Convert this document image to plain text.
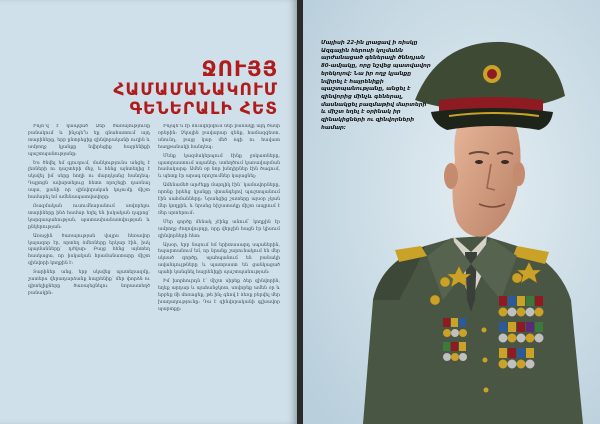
ՋՈՒՅՅ
ՀԱՄԱՄԱՆԱԿՈՒՄ ԳԵՆԵՐԱԼԻ ՀԵՏ

Ինչո՞վ է կապված Ձեր ծառայությունը բանակում և ինչպե՞ս եք գնահատում այդ տարիները, երբ ընտրեցիք զինվորականի ուղին և ամբողջ կյանքը նվիրեցիք հայրենիքի պաշտպանությանը:

Ես ծնվել եմ գյուղում, մանկությունս անցել է լեռների ու դաշտերի մեջ, և հենց այնտեղից է սկսվել իմ սերը հողի ու մարդկանց հանդեպ: Դպրոցն ավարտելուց հետո որոշեցի դառնալ սպա, քանի որ զինվորական կոչումը միշտ համարել եմ ամենապատվավորը:

Ռազմական ուսումնարանում սովորելու տարիները ինձ համար եղել են իսկական դպրոց՝ կարգապահության, պատասխանատվության և ընկերության:

Առաջին ծառայության վայրս հեռավոր կայազոր էր, որտեղ ձմեռները երկար էին, իսկ պայմանները՝ դժվար: Բայց հենց այնտեղ հասկացա, որ իսկական հրամանատարը միշտ զինվորի կողքին է:

Տարիներ անց, երբ սկսվեց պատերազմը, շատերս վերադարձանք հայրենիք՝ մեր փորձն ու գիտելիքները ծառայեցնելու նորաստեղծ բանակին:

Ինչպե՞ս էր ձևավորվում մեր բանակը այդ ծանր օրերին: Չկային բավարար զենք, համազգեստ, սնունդ, բայց կար մեծ ոգի ու հավատ հաղթանակի հանդեպ:

Մենք կազմակերպում էինք ջոկատները, պատրաստում սպաներ, ստեղծում կառավարման համակարգ: Ամեն օր նոր խնդիրներ էին ծագում, և պետք էր արագ որոշումներ կայացնել:

Ամենամեծ արժեքը մարդիկ էին՝ կամավորները, որոնք իրենց կյանքը վտանգելով պաշտպանում էին սահմանները: Նրանցից շատերը այսօր չկան մեր կողքին, և նրանց հիշատակը միշտ ապրում է մեր սրտերում:

Մեր գործը մենակ չէինք անում՝ կողքին էր ամբողջ ժողովուրդը, որը վերջին հացն էր կիսում զինվորների հետ:

Այսօր, երբ նայում եմ երիտասարդ սպաներին, հպարտանում եմ, որ նրանք շարունակում են մեր սկսած գործը, պահպանում են բանակի ավանդույթները և պատրաստ են ցանկացած պահի կանգնել հայրենիքի պաշտպանության:

Իմ խորհուրդն է՝ միշտ սիրեք ձեր զինվորին, եղեք արդար և պահանջկոտ, սովորեք ամեն օր և երբեք մի մոռացեք, թե ինչ գնով է ձեռք բերվել մեր խաղաղությունը: Դա է զինվորականի գլխավոր պարտքը:

Մայիսի 22-ին լրացավ ի ռիսկը Ազգային հերոսի կոչմանն արժանացած գեներալի ծննդյան 80-ամյակը, որը նշվեց պատվավոր երեկոյով: Նա իր ողջ կյանքը նվիրել է հայրենիքի պաշտպանությանը, անցել է զինվորից մինչև գեներալ, մասնակցել բազմաթիվ մարտերի և միշտ եղել է օրինակ իր զինակիցների ու զինվորների համար:
